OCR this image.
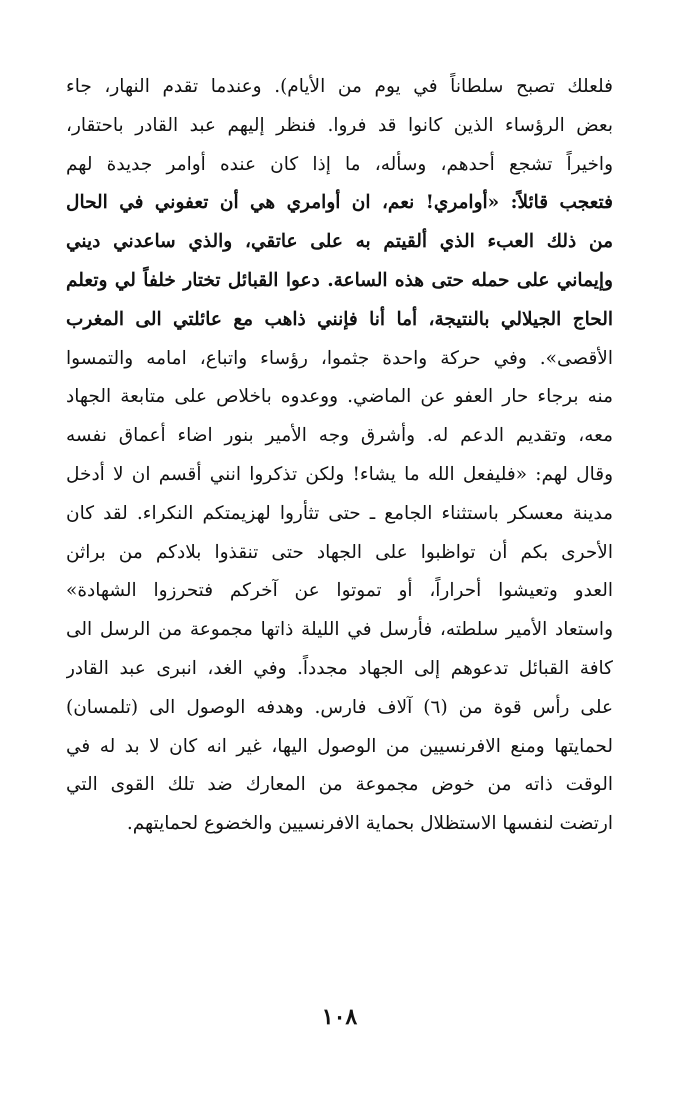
فلعلك تصبح سلطاناً في يوم من الأيام). وعندما تقدم النهار، جاء
بعض الرؤساء الذين كانوا قد فروا. فنظر إليهم عبد القادر باحتقار،
واخيراً تشجع أحدهم، وسأله، ما إذا كان عنده أوامر جديدة لهم
فتعجب قائلاً: «أوامري! نعم، ان أوامري هي أن تعفوني في الحال
من ذلك العبء الذي ألقيتم به على عاتقي، والذي ساعدني ديني
وإيماني على حمله حتى هذه الساعة. دعوا القبائل تختار خلفاً لي وتعلم
الحاج الجيلالي بالنتيجة، أما أنا فإنني ذاهب مع عائلتي الى المغرب
الأقصى». وفي حركة واحدة جثموا، رؤساء واتباع، امامه والتمسوا
منه برجاء حار العفو عن الماضي. ووعدوه باخلاص على متابعة الجهاد
معه، وتقديم الدعم له. وأشرق وجه الأمير بنور اضاء أعماق نفسه
وقال لهم: «فليفعل الله ما يشاء! ولكن تذكروا انني أقسم ان لا أدخل
مدينة معسكر باستثناء الجامع ـ حتى تثأروا لهزيمتكم النكراء. لقد كان
الأحرى بكم أن تواظبوا على الجهاد حتى تنقذوا بلادكم من براثن
العدو وتعيشوا أحراراً، أو تموتوا عن آخركم فتحرزوا الشهادة»
واستعاد الأمير سلطته، فأرسل في الليلة ذاتها مجموعة من الرسل الى
كافة القبائل تدعوهم إلى الجهاد مجدداً. وفي الغد، انبرى عبد القادر
على رأس قوة من (٦) آلاف فارس. وهدفه الوصول الى (تلمسان)
لحمايتها ومنع الافرنسيين من الوصول اليها، غير انه كان لا بد له في
الوقت ذاته من خوض مجموعة من المعارك ضد تلك القوى التي
ارتضت لنفسها الاستظلال بحماية الافرنسيين والخضوع لحمايتهم.
١٠٨
